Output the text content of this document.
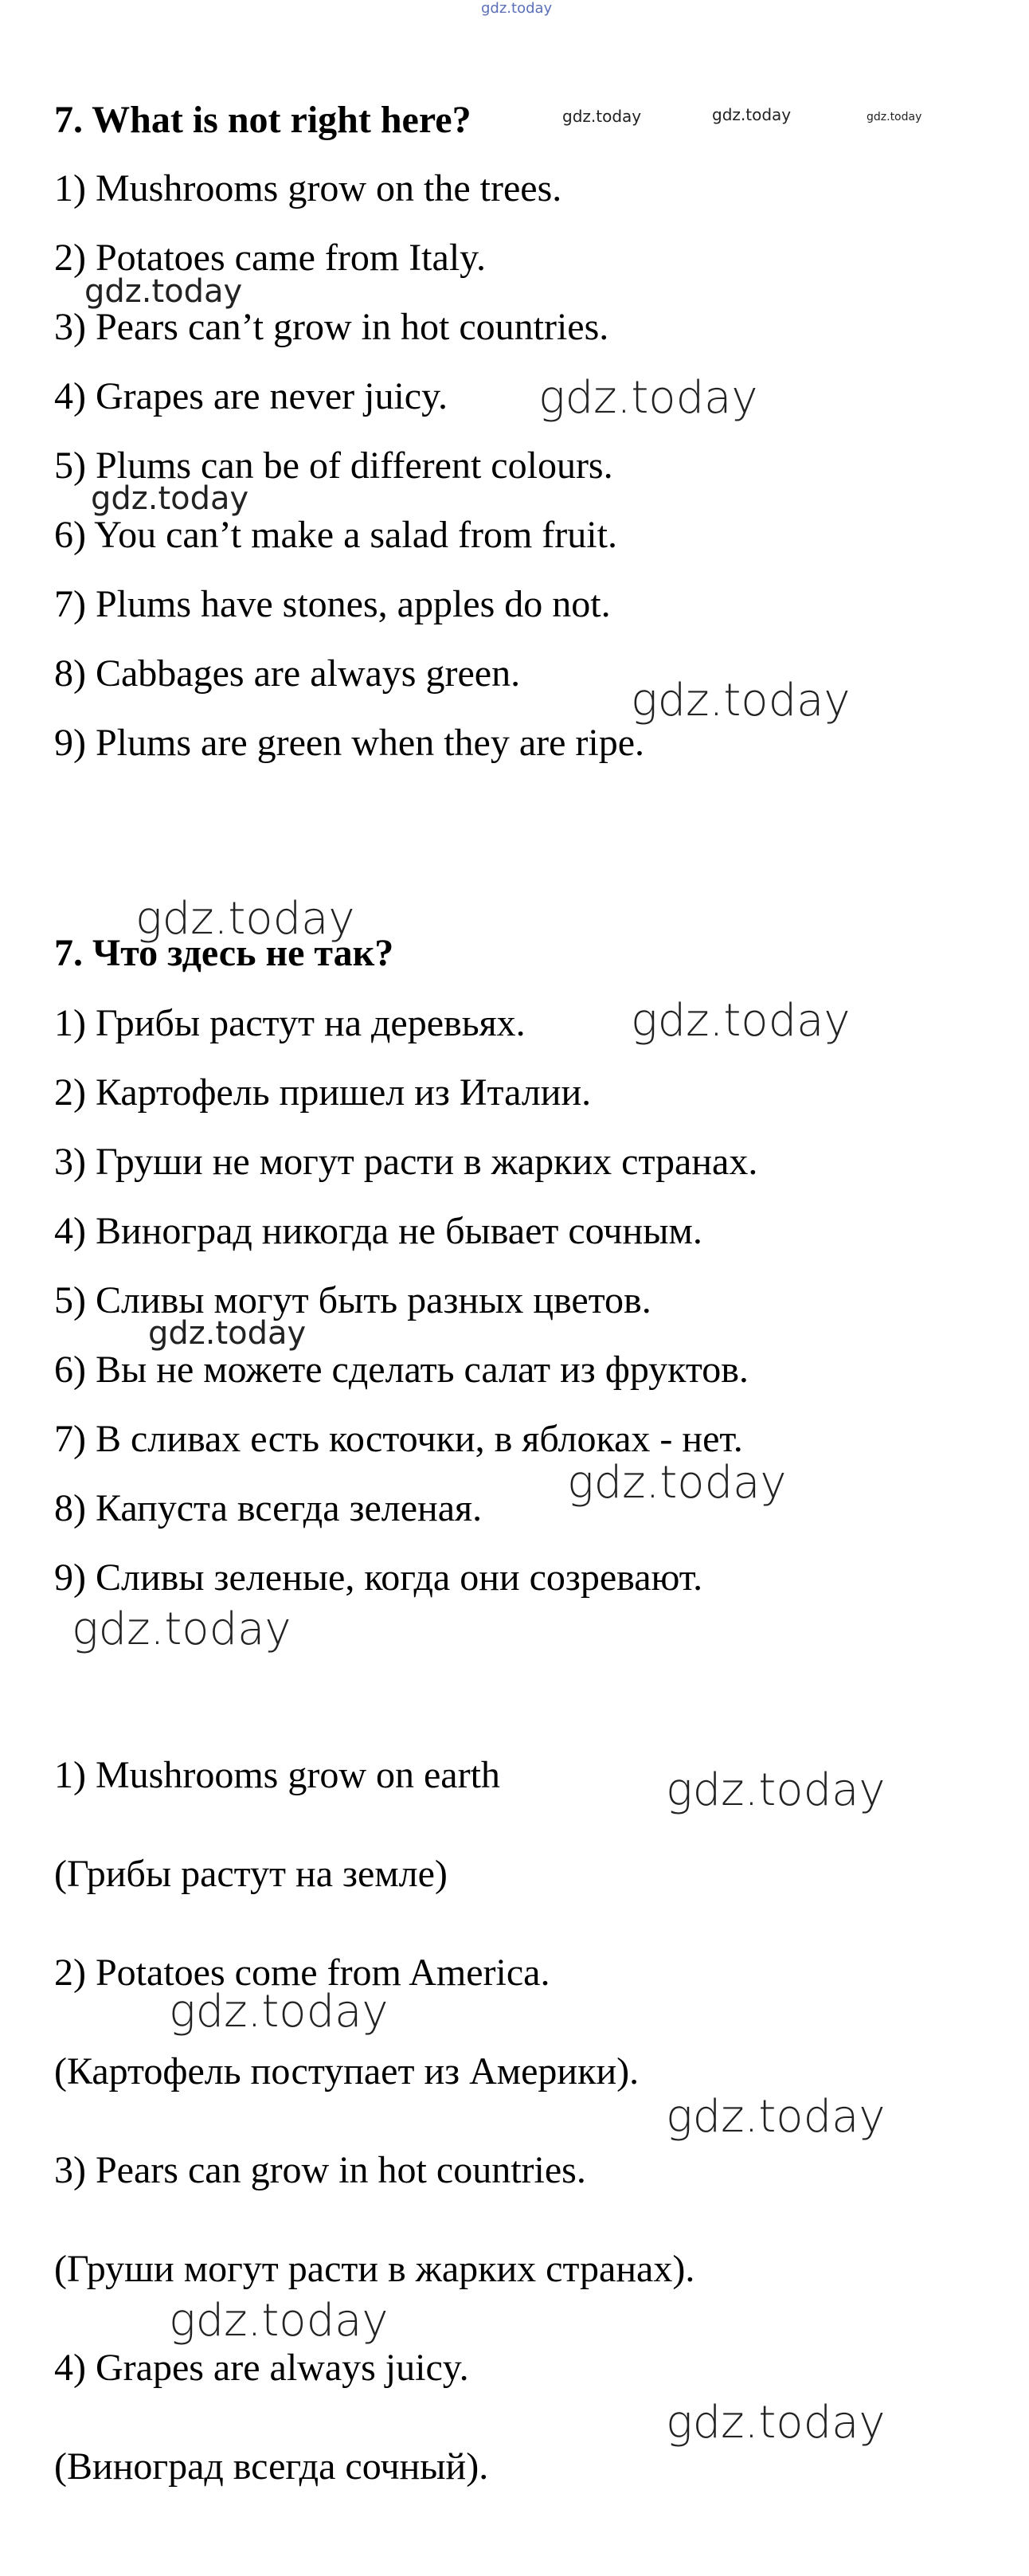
gdz.today
gdz.today	gdz.today	gdz.today
gdz.today
gdz.today
gdz.today
gdz.today
gdz.today
gdz.today
gdz.today
gdz.today
gdz.today
gdz.today
gdz.today
gdz.today
gdz.today
gdz.today
7. What is not right here?
1) Mushrooms grow on the trees.
2) Potatoes came from Italy.
3) Pears can’t grow in hot countries.
4) Grapes are never juicy.
5) Plums can be of different colours.
6) You can’t make a salad from fruit.
7) Plums have stones, apples do not.
8) Cabbages are always green.
9) Plums are green when they are ripe.
7. Что здесь не так?
1) Грибы растут на деревьях.
2) Картофель пришел из Италии.
3) Груши не могут расти в жарких странах.
4) Виноград никогда не бывает сочным.
5) Сливы могут быть разных цветов.
6) Вы не можете сделать салат из фруктов.
7) В сливах есть косточки, в яблоках - нет.
8) Капуста всегда зеленая.
9) Сливы зеленые, когда они созревают.
1) Mushrooms grow on earth
(Грибы растут на земле)
2) Potatoes come from America.
(Картофель поступает из Америки).
3) Pears can grow in hot countries.
(Груши могут расти в жарких странах).
4) Grapes are always juicy.
(Виноград всегда сочный).
